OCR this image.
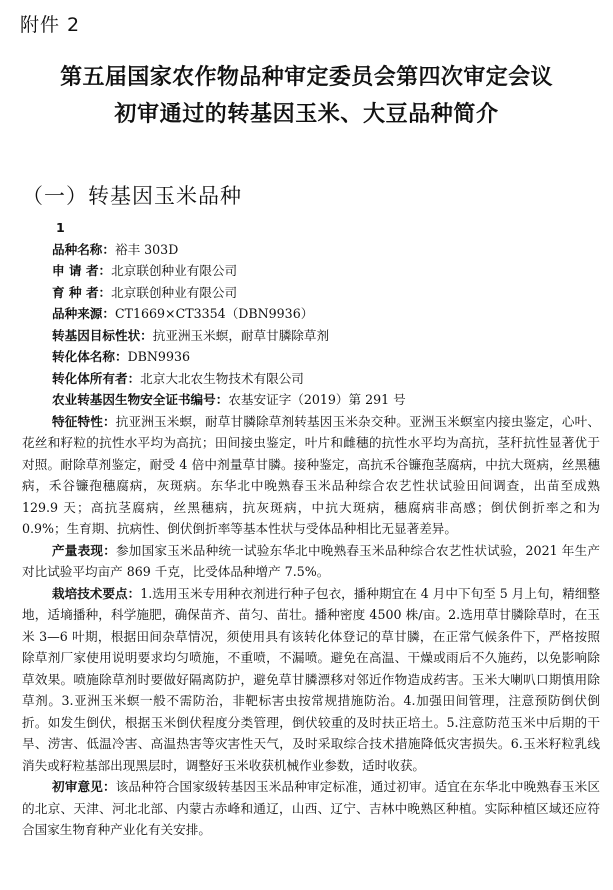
附件 2
第五届国家农作物品种审定委员会第四次审定会议
初审通过的转基因玉米、大豆品种简介
（一）转基因玉米品种
1
品种名称：裕丰 303D
申 请 者：北京联创种业有限公司
育 种 者：北京联创种业有限公司
品种来源：CT1669×CT3354（DBN9936）
转基因目标性状：抗亚洲玉米螟，耐草甘膦除草剂
转化体名称：DBN9936
转化体所有者：北京大北农生物技术有限公司
农业转基因生物安全证书编号：农基安证字（2019）第 291 号

特征特性：抗亚洲玉米螟，耐草甘膦除草剂转基因玉米杂交种。亚洲玉米螟室内接虫鉴定，心叶、花丝和籽粒的抗性水平均为高抗；田间接虫鉴定，叶片和雌穗的抗性水平均为高抗，茎秆抗性显著优于对照。耐除草剂鉴定，耐受 4 倍中剂量草甘膦。接种鉴定，高抗禾谷镰孢茎腐病，中抗大斑病，丝黑穗病，禾谷镰孢穗腐病，灰斑病。东华北中晚熟春玉米品种综合农艺性状试验田间调查，出苗至成熟 129.9 天；高抗茎腐病，丝黑穗病，抗灰斑病，中抗大斑病，穗腐病非高感；倒伏倒折率之和为 0.9%；生育期、抗病性、倒伏倒折率等基本性状与受体品种相比无显著差异。

产量表现：参加国家玉米品种统一试验东华北中晚熟春玉米品种综合农艺性状试验，2021 年生产对比试验平均亩产 869 千克，比受体品种增产 7.5%。

栽培技术要点：1.选用玉米专用种衣剂进行种子包衣，播种期宜在 4 月中下旬至 5 月上旬，精细整地，适墒播种，科学施肥，确保苗齐、苗匀、苗壮。播种密度 4500 株/亩。2.选用草甘膦除草时，在玉米 3—6 叶期，根据田间杂草情况，须使用具有该转化体登记的草甘膦，在正常气候条件下，严格按照除草剂厂家使用说明要求均匀喷施，不重喷，不漏喷。避免在高温、干燥或雨后不久施药，以免影响除草效果。喷施除草剂时要做好隔离防护，避免草甘膦漂移对邻近作物造成药害。玉米大喇叭口期慎用除草剂。3.亚洲玉米螟一般不需防治，非靶标害虫按常规措施防治。4.加强田间管理，注意预防倒伏倒折。如发生倒伏，根据玉米倒伏程度分类管理，倒伏较重的及时扶正培土。5.注意防范玉米中后期的干旱、涝害、低温冷害、高温热害等灾害性天气，及时采取综合技术措施降低灾害损失。6.玉米籽粒乳线消失或籽粒基部出现黑层时，调整好玉米收获机械作业参数，适时收获。

初审意见：该品种符合国家级转基因玉米品种审定标准，通过初审。适宜在东华北中晚熟春玉米区的北京、天津、河北北部、内蒙古赤峰和通辽，山西、辽宁、吉林中晚熟区种植。实际种植区域还应符合国家生物育种产业化有关安排。
